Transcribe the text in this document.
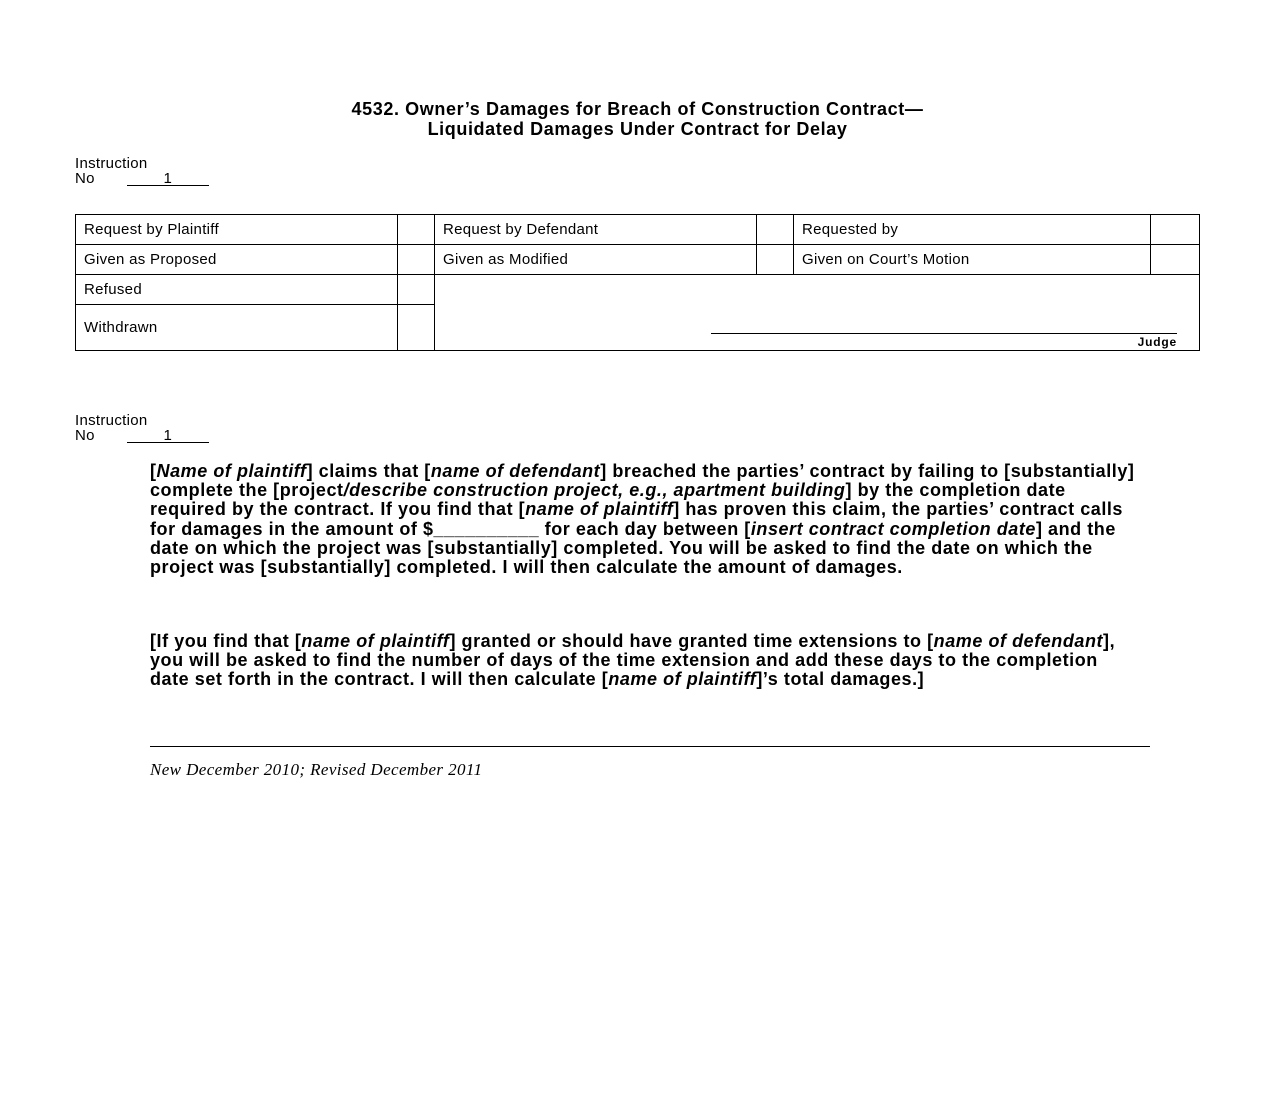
4532. Owner’s Damages for Breach of Construction Contract—
Liquidated Damages Under Contract for Delay
Instruction
No	1
Request by Plaintiff		Request by Defendant		Requested by	
Given as Proposed		Given as Modified		Given on Court’s Motion	
Refused		Judge			

Withdrawn					
Instruction
No	1
[Name of plaintiff] claims that [name of defendant] breached the parties’ contract by failing to [substantially] complete the [project/describe construction project, e.g., apartment building] by the completion date required by the contract. If you find that [name of plaintiff] has proven this claim, the parties’ contract calls for damages in the amount of $__________ for each day between [insert contract completion date] and the date on which the project was [substantially] completed. You will be asked to find the date on which the project was [substantially] completed. I will then calculate the amount of damages.
[If you find that [name of plaintiff] granted or should have granted time extensions to [name of defendant], you will be asked to find the number of days of the time extension and add these days to the completion date set forth in the contract. I will then calculate [name of plaintiff]’s total damages.]
New December 2010; Revised December 2011
